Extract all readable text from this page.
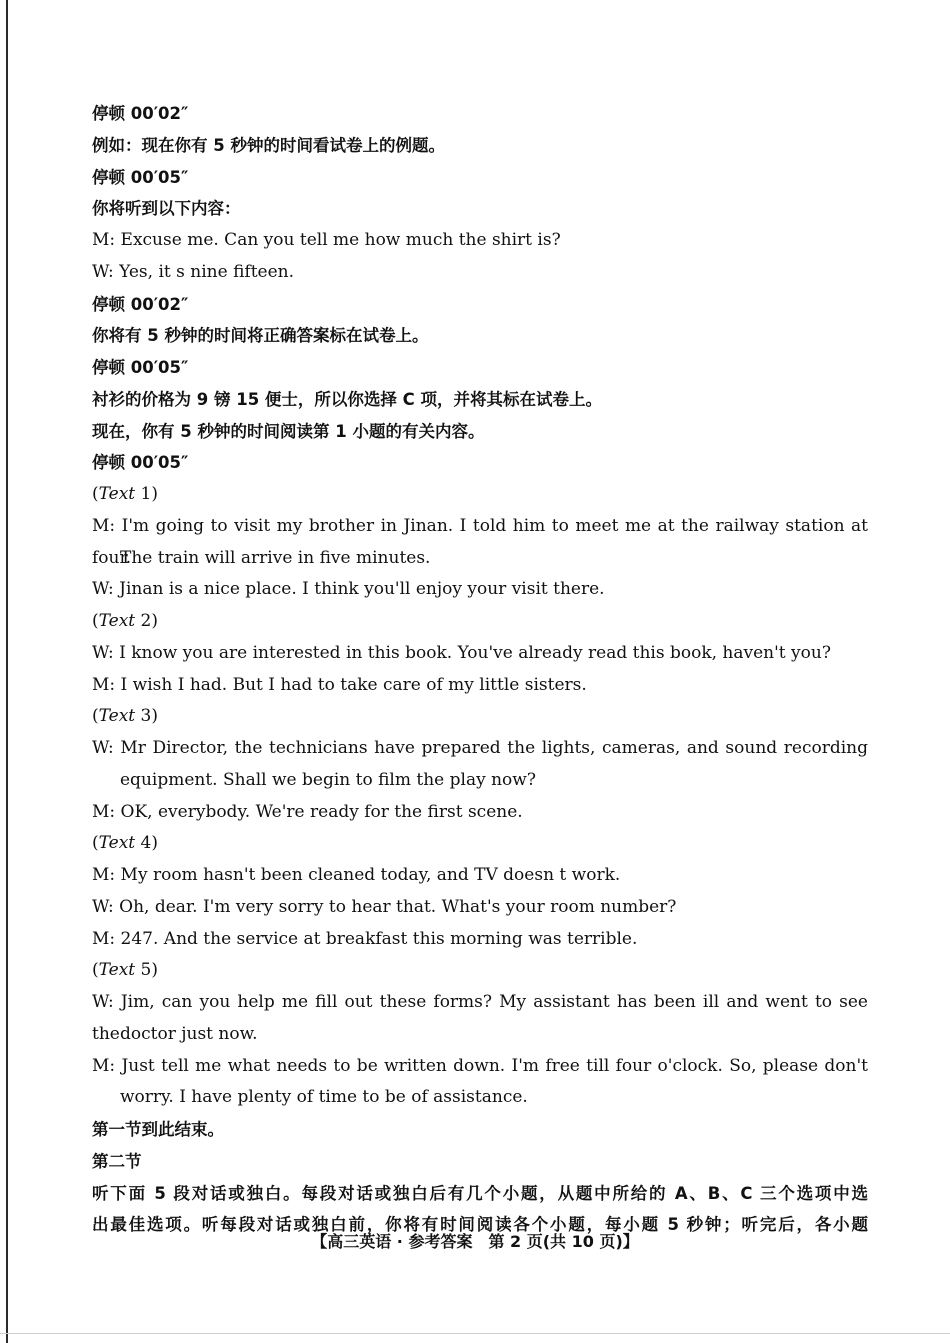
停顿 00′02″
例如：现在你有 5 秒钟的时间看试卷上的例题。
停顿 00′05″
你将听到以下内容：
M: Excuse me. Can you tell me how much the shirt is?
W: Yes, it s nine fifteen.
停顿 00′02″
你将有 5 秒钟的时间将正确答案标在试卷上。
停顿 00′05″
衬衫的价格为 9 镑 15 便士，所以你选择 C 项，并将其标在试卷上。
现在，你有 5 秒钟的时间阅读第 1 小题的有关内容。
停顿 00′05″
(Text 1)
M: I'm going to visit my brother in Jinan. I told him to meet me at the railway station at four.
The train will arrive in five minutes.
W: Jinan is a nice place. I think you'll enjoy your visit there.
(Text 2)
W: I know you are interested in this book. You've already read this book, haven't you?
M: I wish I had. But I had to take care of my little sisters.
(Text 3)
W: Mr Director, the technicians have prepared the lights, cameras, and sound recording
equipment. Shall we begin to film the play now?
M: OK, everybody. We're ready for the first scene.
(Text 4)
M: My room hasn't been cleaned today, and TV doesn t work.
W: Oh, dear. I'm very sorry to hear that. What's your room number?
M: 247. And the service at breakfast this morning was terrible.
(Text 5)
W: Jim, can you help me fill out these forms? My assistant has been ill and went to see the doctor just now.
M: Just tell me what needs to be written down. I'm free till four o'clock. So, please don't
worry. I have plenty of time to be of assistance.
第一节到此结束。
第二节
听下面 5 段对话或独白。每段对话或独白后有几个小题，从题中所给的 A、B、C 三个选项中选
出最佳选项。听每段对话或独白前，你将有时间阅读各个小题，每小题 5 秒钟；听完后，各小题
【高三英语 · 参考答案　第 2 页(共 10 页)】
